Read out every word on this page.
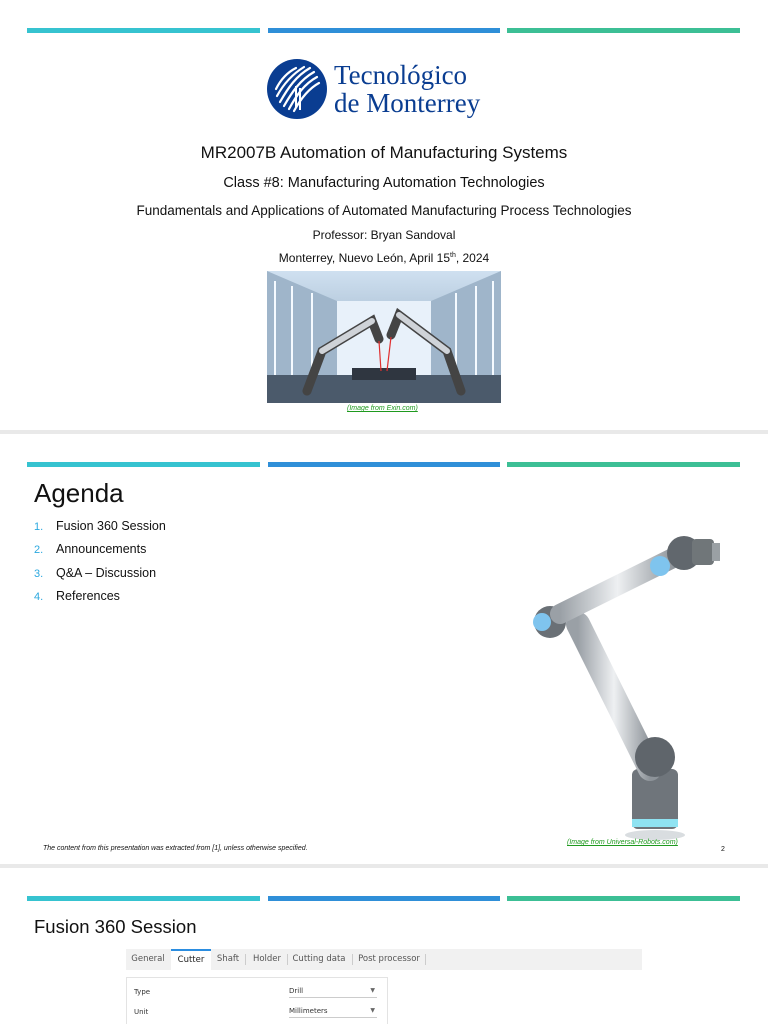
Tecnológico
de Monterrey
MR2007B Automation of Manufacturing Systems
Class #8: Manufacturing Automation Technologies
Fundamentals and Applications of Automated Manufacturing Process Technologies
Professor: Bryan Sandoval
Monterrey, Nuevo León, April 15th, 2024
(Image from Exin.com)
Agenda
1. Fusion 360 Session
2. Announcements
3. Q&A – Discussion
4. References
(Image from Universal-Robots.com)
The content from this presentation was extracted from [1], unless otherwise specified.	2
Fusion 360 Session
General	Cutter	Shaft	Holder	Cutting data Post processor
Type	Drill	▼
Unit	Millimeters	▼
